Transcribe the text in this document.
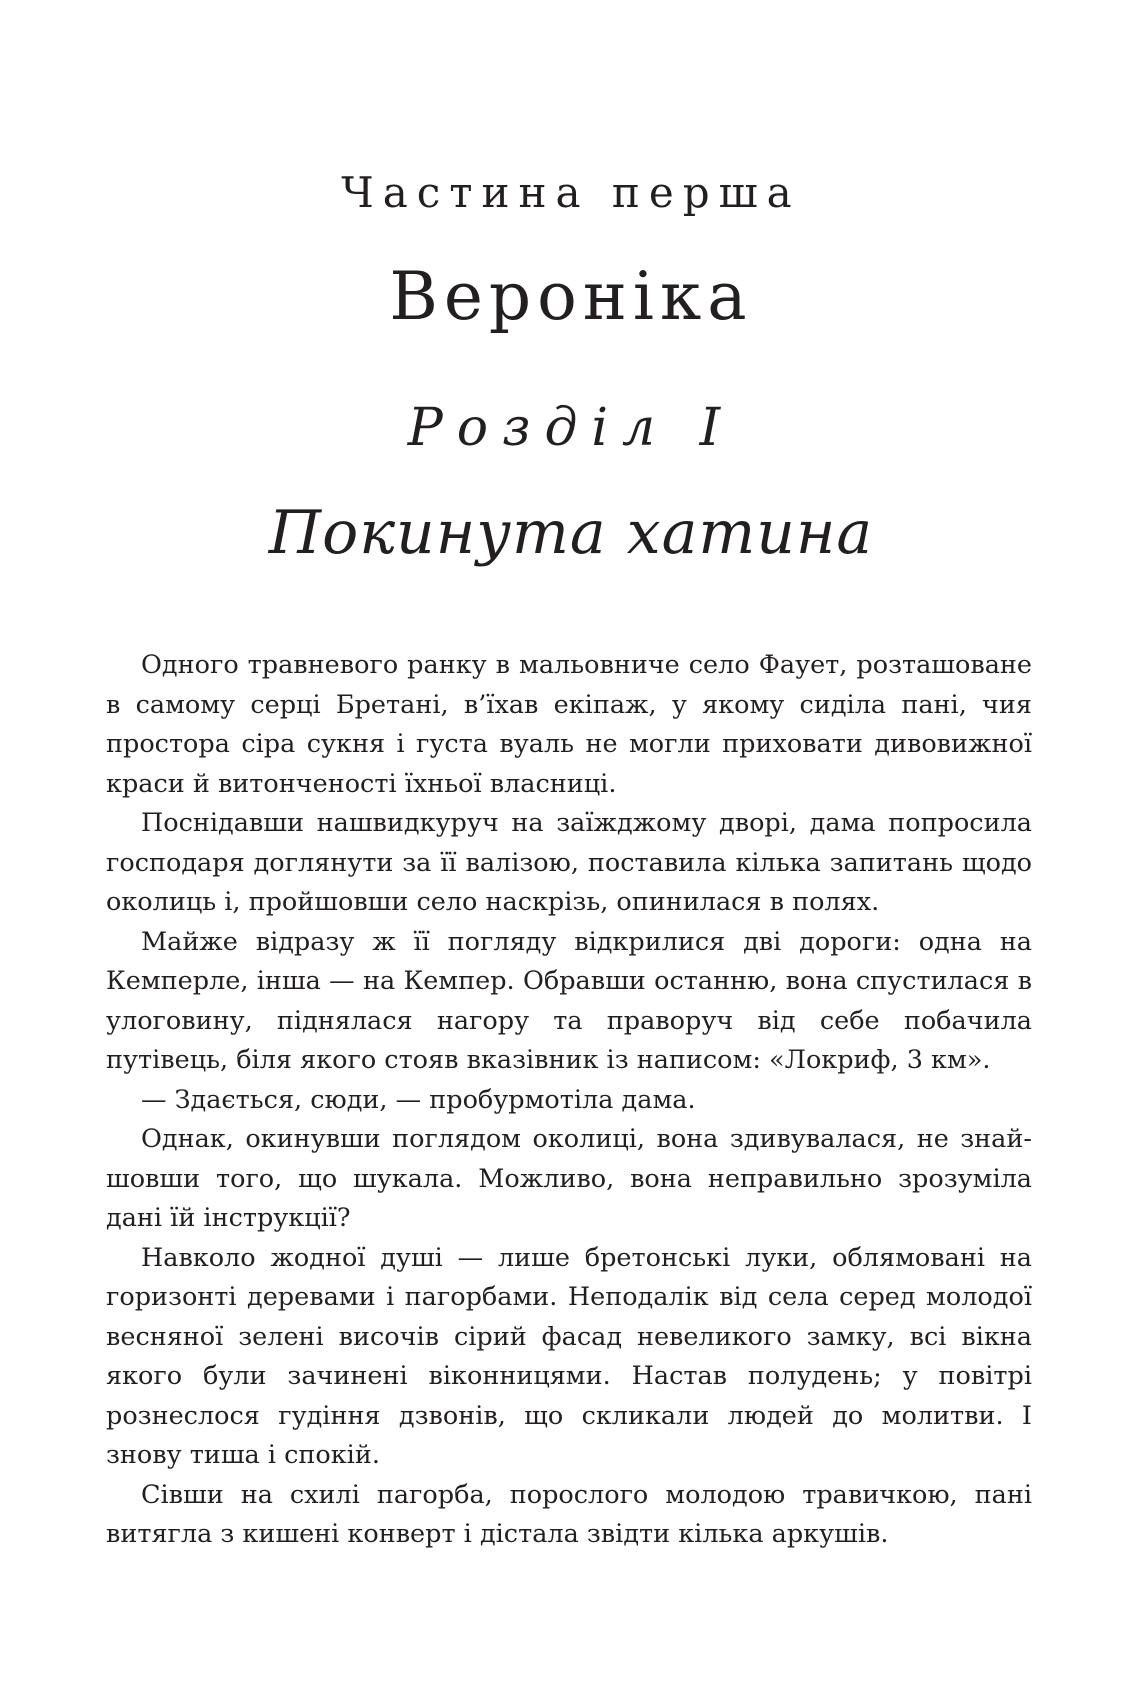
Частина перша
Вероніка
Розділ І
Покинута хатина

Одного травневого ранку в мальовниче село Фаует, розташоване в самому серці Бретані, в’їхав екіпаж, у якому сиділа пані, чия простора сіра сукня і густа вуаль не могли приховати дивовижної краси й витонченості їхньої власниці.

Поснідавши нашвидкуруч на заїжджому дворі, дама попросила господаря доглянути за її валізою, поставила кілька запитань щодо околиць і, пройшовши село наскрізь, опинилася в полях.

Майже відразу ж її погляду відкрилися дві дороги: одна на Кемперле, інша — на Кемпер. Обравши останню, вона спустилася в улоговину, піднялася нагору та праворуч від себе побачила путівець, біля якого стояв вказівник із написом: «Локриф, 3 км».

— Здається, сюди, — пробурмотіла дама.

Однак, окинувши поглядом околиці, вона здивувалася, не знайшовши того, що шукала. Можливо, вона неправильно зрозуміла дані їй інструкції?

Навколо жодної душі — лише бретонські луки, облямовані на горизонті деревами і пагорбами. Неподалік від села серед молодої весняної зелені височів сірий фасад невеликого замку, всі вікна якого були зачинені віконницями. Настав полудень; у повітрі рознеслося гудіння дзвонів, що скликали людей до молитви. І знову тиша і спокій.

Сівши на схилі пагорба, порослого молодою травичкою, пані витягла з кишені конверт і дістала звідти кілька аркушів.
